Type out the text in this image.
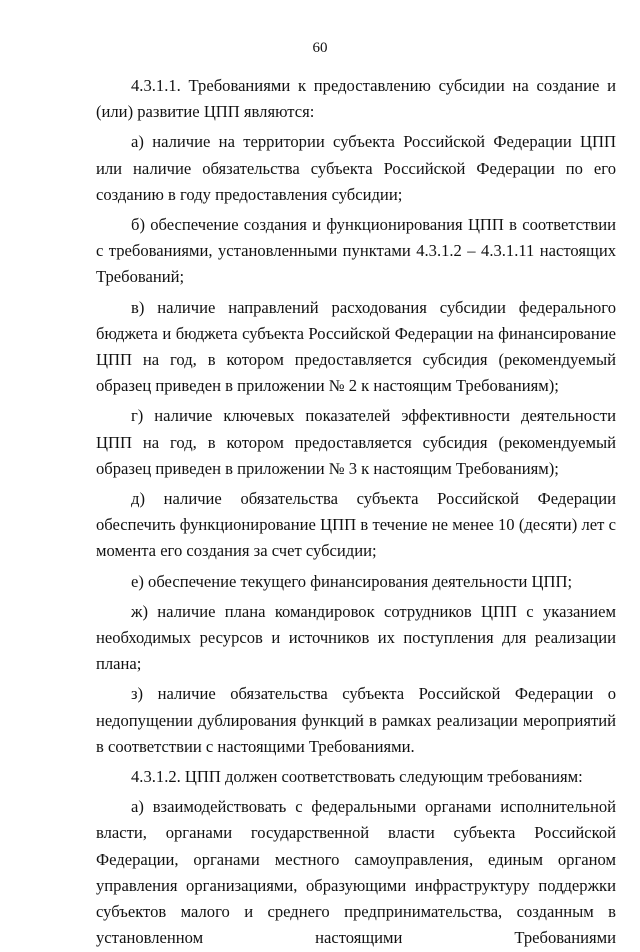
60

4.3.1.1. Требованиями к предоставлению субсидии на создание и (или) развитие ЦПП являются:

а) наличие на территории субъекта Российской Федерации ЦПП или наличие обязательства субъекта Российской Федерации по его созданию в году предоставления субсидии;

б) обеспечение создания и функционирования ЦПП в соответствии с требованиями, установленными пунктами 4.3.1.2 – 4.3.1.11 настоящих Требований;

в) наличие направлений расходования субсидии федерального бюджета и бюджета субъекта Российской Федерации на финансирование ЦПП на год, в котором предоставляется субсидия (рекомендуемый образец приведен в приложении № 2 к настоящим Требованиям);

г) наличие ключевых показателей эффективности деятельности ЦПП на год, в котором предоставляется субсидия (рекомендуемый образец приведен в приложении № 3 к настоящим Требованиям);

д) наличие обязательства субъекта Российской Федерации обеспечить функционирование ЦПП в течение не менее 10 (десяти) лет с момента его создания за счет субсидии;

е) обеспечение текущего финансирования деятельности ЦПП;

ж) наличие плана командировок сотрудников ЦПП с указанием необходимых ресурсов и источников их поступления для реализации плана;

з) наличие обязательства субъекта Российской Федерации о недопущении дублирования функций в рамках реализации мероприятий в соответствии с настоящими Требованиями.

4.3.1.2. ЦПП должен соответствовать следующим требованиям:

а) взаимодействовать с федеральными органами исполнительной власти, органами государственной власти субъекта Российской Федерации, органами местного самоуправления, единым органом управления организациями, образующими инфраструктуру поддержки субъектов малого и среднего предпринимательства, созданным в установленном настоящими Требованиями
